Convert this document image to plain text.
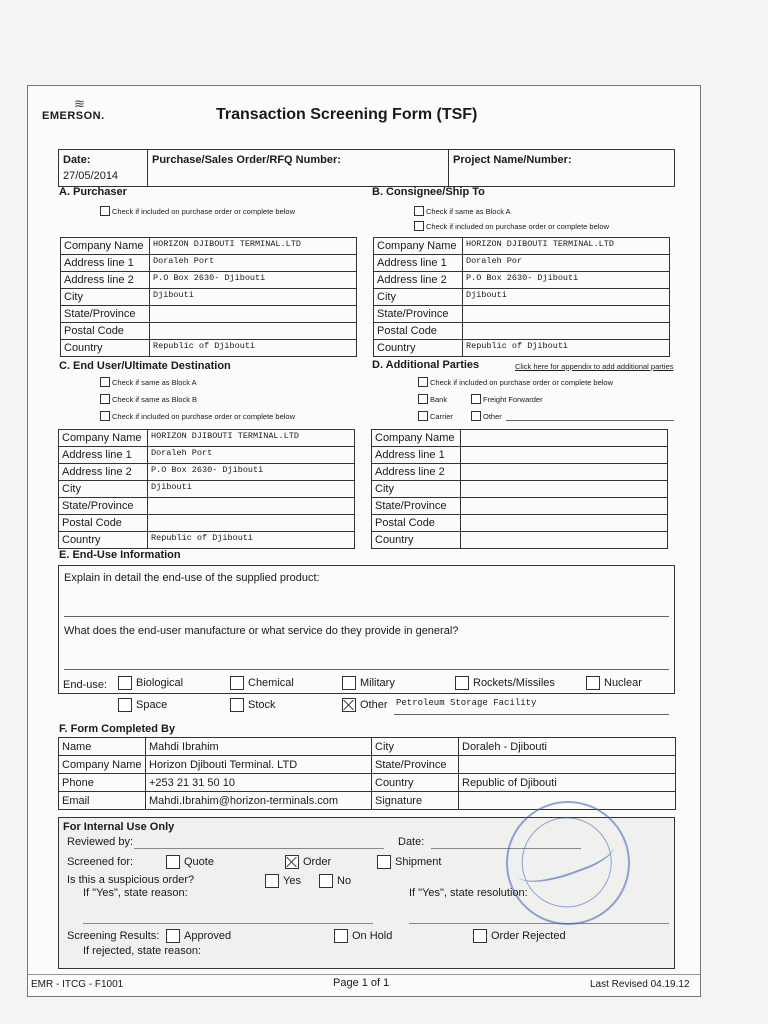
≋
EMERSON.	Transaction Screening Form (TSF)
Date:
27/05/2014
Purchase/Sales Order/RFQ Number:	Project Name/Number:
A. Purchaser
Check if included on purchase order or complete below
B. Consignee/Ship To
Check if same as Block A
Check if included on purchase order or complete below
Company Name	HORIZON DJIBOUTI TERMINAL.LTD
Address line 1	Doraleh Port
Address line 2	P.O Box 2630- Djibouti
City	Djibouti
State/Province	
Postal Code	
Country	Republic of Djibouti
Company Name	HORIZON DJIBOUTI TERMINAL.LTD
Address line 1	Doraleh Por
Address line 2	P.O Box 2630- Djibouti
City	Djibouti
State/Province	
Postal Code	
Country	Republic of Djibouti
C. End User/Ultimate Destination
Check if same as Block A
Check if same as Block B
Check if included on purchase order or complete below
D. Additional Parties	Click here for appendix to add additional parties
Check if included on purchase order or complete below
Bank	Freight Forwarder
Carrier	Other
Company Name	HORIZON DJIBOUTI TERMINAL.LTD
Address line 1	Doraleh Port
Address line 2	P.O Box 2630- Djibouti
City	Djibouti
State/Province	
Postal Code	
Country	Republic of Djibouti
Company Name	
Address line 1	
Address line 2	
City	
State/Province	
Postal Code	
Country	
E. End-Use Information
Explain in detail the end-use of the supplied product:
What does the end-user manufacture or what service do they provide in general?
End-use:	Biological	Chemical	Military	Rockets/Missiles	Nuclear
Space	Stock	Other Petroleum Storage Facility
F. Form Completed By
Name	Mahdi Ibrahim	City	Doraleh - Djibouti
Company Name	Horizon Djibouti Terminal. LTD	State/Province	
Phone	+253 21 31 50 10	Country	Republic of Djibouti
Email	Mahdi.Ibrahim@horizon-terminals.com	Signature	
For Internal Use Only
Reviewed by:	Date:
Screened for:	Quote	Order	Shipment
Is this a suspicious order?	Yes	No
If "Yes", state reason:	If "Yes", state resolution:
Screening Results: Approved	On Hold	Order Rejected
If rejected, state reason:
EMR - ITCG - F1001	Page 1 of 1	Last Revised 04.19.12
